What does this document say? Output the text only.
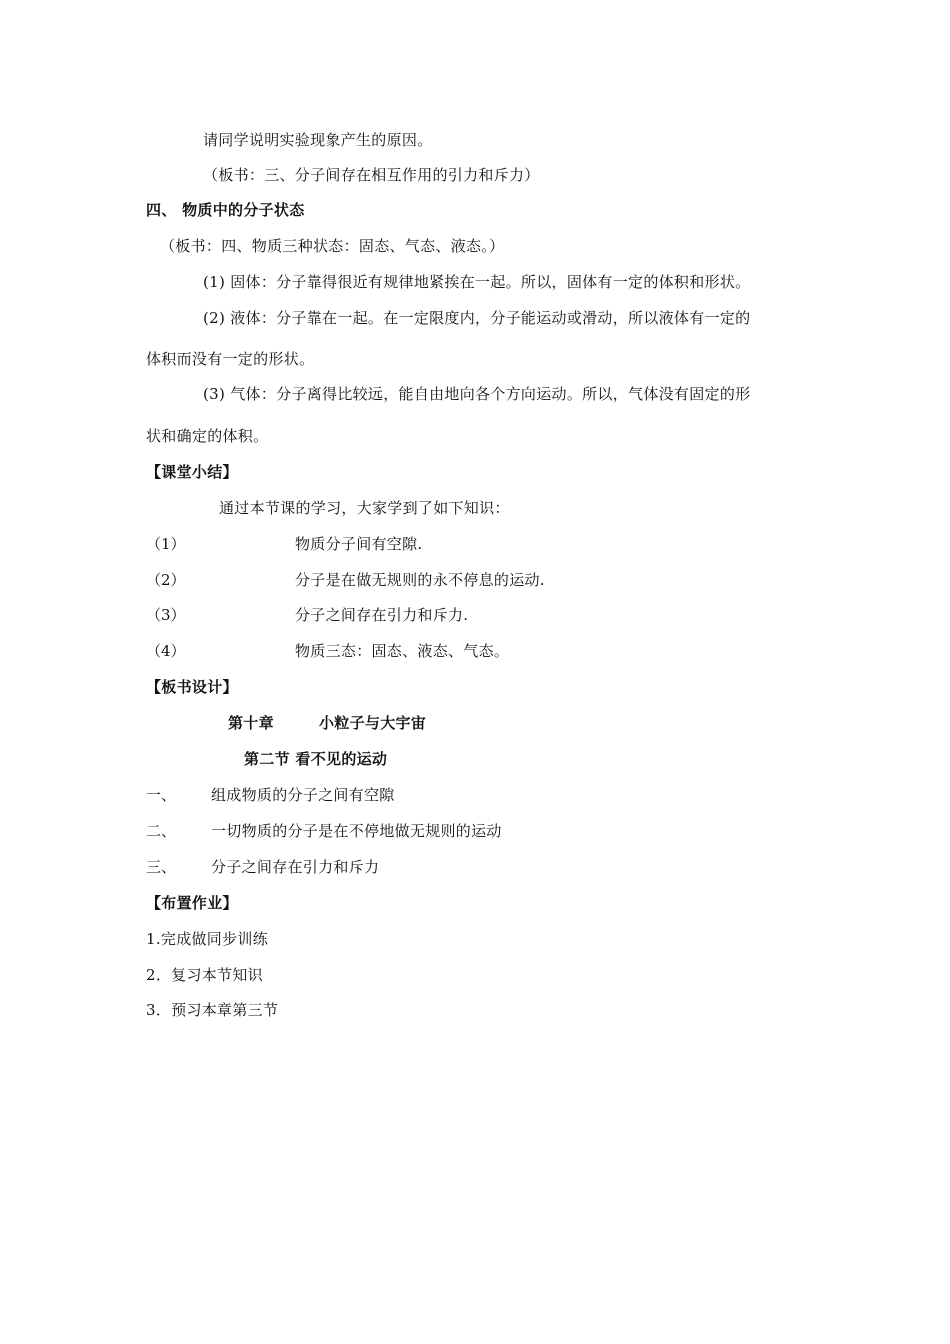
请同学说明实验现象产生的原因。
（板书：三、分子间存在相互作用的引力和斥力）
四、 物质中的分子状态
（板书：四、物质三种状态：固态、气态、液态。）
(1) 固体：分子靠得很近有规律地紧挨在一起。所以，固体有一定的体积和形状。
(2) 液体：分子靠在一起。在一定限度内，分子能运动或滑动，所以液体有一定的
体积而没有一定的形状。
(3) 气体：分子离得比较远，能自由地向各个方向运动。所以，气体没有固定的形
状和确定的体积。
【课堂小结】
通过本节课的学习，大家学到了如下知识：
（1）	物质分子间有空隙.
（2）	分子是在做无规则的永不停息的运动.
（3）	分子之间存在引力和斥力.
（4）	物质三态：固态、液态、气态。
【板书设计】
第十章	小粒子与大宇宙
第二节 看不见的运动
一、 组成物质的分子之间有空隙
二、 一切物质的分子是在不停地做无规则的运动
三、 分子之间存在引力和斥力
【布置作业】
1.完成做同步训练
2．复习本节知识
3．预习本章第三节
